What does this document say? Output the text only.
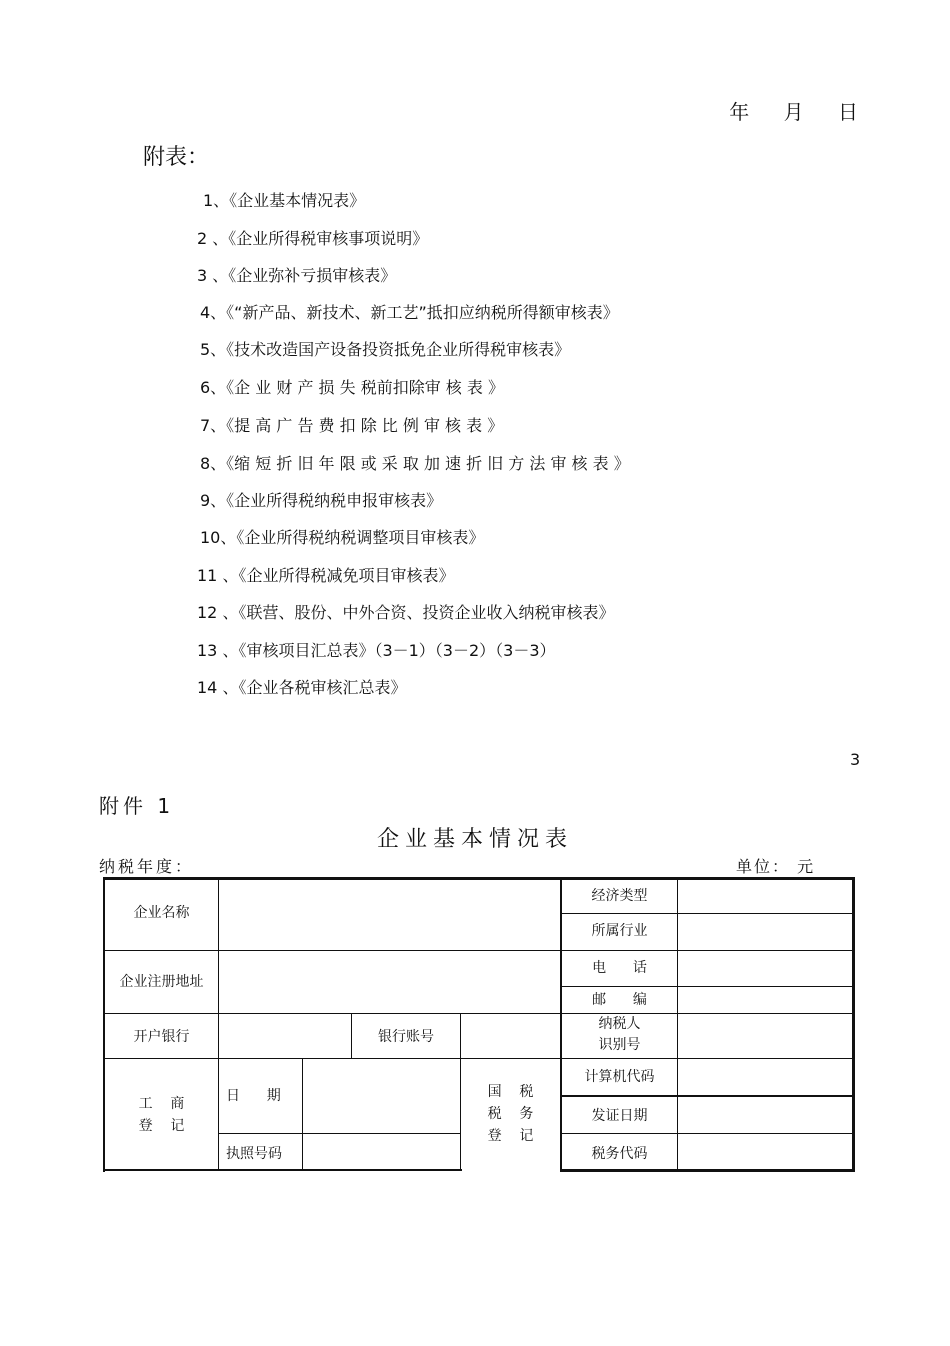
年 月 日
附表：
1、《企业基本情况表》
2 、《企业所得税审核事项说明》
3 、《企业弥补亏损审核表》
4、《“新产品、新技术、新工艺”抵扣应纳税所得额审核表》
5、《技术改造国产设备投资抵免企业所得税审核表》
6、《企 业 财 产 损 失 税前扣除审 核 表 》
7、《提 高 广 告 费 扣 除 比 例 审 核 表 》
8、《缩 短 折 旧 年 限 或 采 取 加 速 折 旧 方 法 审 核 表 》
9、《企业所得税纳税申报审核表》
10、《企业所得税纳税调整项目审核表》
11 、《企业所得税减免项目审核表》
12 、《联营、股份、中外合资、投资企业收入纳税审核表》
13 、《审核项目汇总表》（3－1）（3－2）（3－3）
14 、《企业各税审核汇总表》
3
附件 1
企业基本情况表
纳税年度：	单位： 元
企业名称
经济类型
所属行业
企业注册地址
电      话
邮      编
开户银行	银行账号
纳税人
识别号
工    商
登    记
日      期
执照号码
国    税
税    务
登    记
计算机代码
发证日期
税务代码
